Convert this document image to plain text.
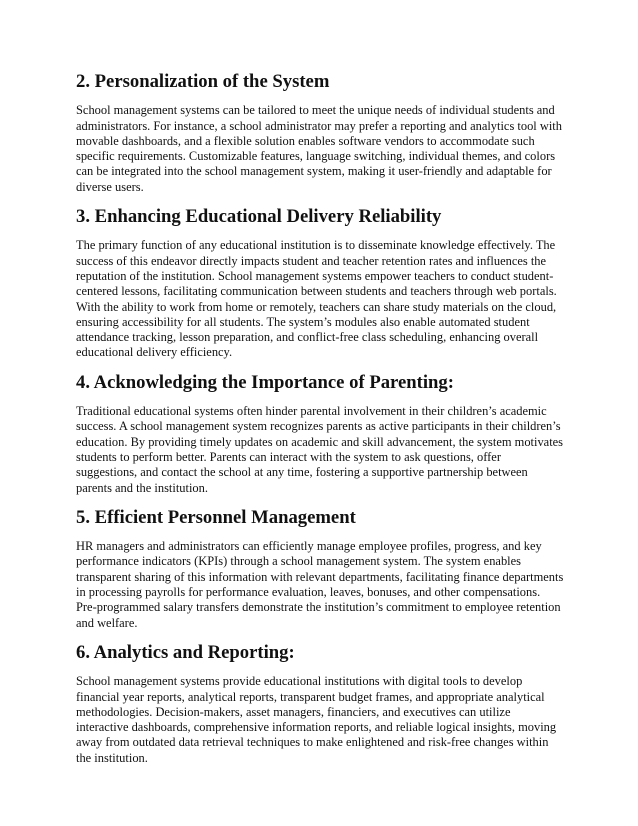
2. Personalization of the System

School management systems can be tailored to meet the unique needs of individual students and administrators. For instance, a school administrator may prefer a reporting and analytics tool with movable dashboards, and a flexible solution enables software vendors to accommodate such specific requirements. Customizable features, language switching, individual themes, and colors can be integrated into the school management system, making it user-friendly and adaptable for diverse users.

3. Enhancing Educational Delivery Reliability

The primary function of any educational institution is to disseminate knowledge effectively. The success of this endeavor directly impacts student and teacher retention rates and influences the reputation of the institution. School management systems empower teachers to conduct student-centered lessons, facilitating communication between students and teachers through web portals. With the ability to work from home or remotely, teachers can share study materials on the cloud, ensuring accessibility for all students. The system’s modules also enable automated student attendance tracking, lesson preparation, and conflict-free class scheduling, enhancing overall educational delivery efficiency.

4. Acknowledging the Importance of Parenting:

Traditional educational systems often hinder parental involvement in their children’s academic success. A school management system recognizes parents as active participants in their children’s education. By providing timely updates on academic and skill advancement, the system motivates students to perform better. Parents can interact with the system to ask questions, offer suggestions, and contact the school at any time, fostering a supportive partnership between parents and the institution.

5. Efficient Personnel Management

HR managers and administrators can efficiently manage employee profiles, progress, and key performance indicators (KPIs) through a school management system. The system enables transparent sharing of this information with relevant departments, facilitating finance departments in processing payrolls for performance evaluation, leaves, bonuses, and other compensations. Pre-programmed salary transfers demonstrate the institution’s commitment to employee retention and welfare.

6. Analytics and Reporting:

School management systems provide educational institutions with digital tools to develop financial year reports, analytical reports, transparent budget frames, and appropriate analytical methodologies. Decision-makers, asset managers, financiers, and executives can utilize interactive dashboards, comprehensive information reports, and reliable logical insights, moving away from outdated data retrieval techniques to make enlightened and risk-free changes within the institution.
